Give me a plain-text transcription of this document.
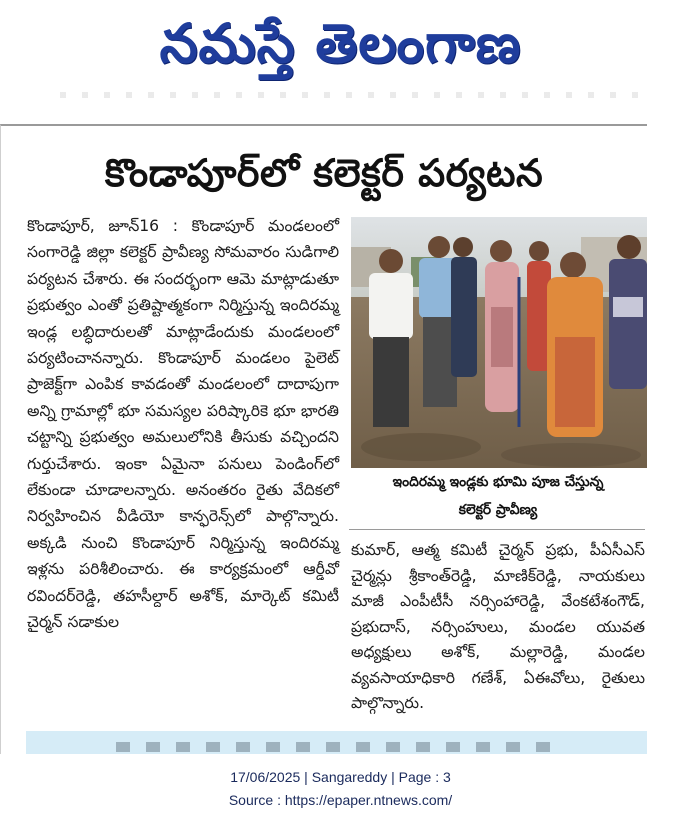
నమస్తే తెలంగాణ
కొండాపూర్‌లో కలెక్టర్ పర్యటన

కొండాపూర్, జూన్16 : కొండాపూర్ మండలంలో సంగారెడ్డి జిల్లా కలెక్టర్ ప్రావీణ్య సోమవారం సుడిగాలి పర్యటన చేశారు. ఈ సందర్భంగా ఆమె మాట్లాడుతూ ప్రభుత్వం ఎంతో ప్రతిష్టాత్మకంగా నిర్మిస్తున్న ఇందిరమ్మ ఇండ్ల లబ్ధిదారులతో మాట్లాడేందుకు మండలంలో పర్యటించానన్నారు. కొండాపూర్ మండలం పైలెట్ ప్రాజెక్ట్‌గా ఎంపిక కావడంతో మండలంలో దాదాపుగా అన్ని గ్రామాల్లో భూ సమస్యల పరిష్కారికె భూ భారతి చట్టాన్ని ప్రభుత్వం అమలులోనికి తీసుకు వచ్చిందని గుర్తుచేశారు. ఇంకా ఏమైనా పనులు పెండింగ్‌లో లేకుండా చూడాలన్నారు. అనంతరం రైతు వేదికలో నిర్వహించిన వీడియో కాన్ఫరెన్స్‌లో పాల్గొన్నారు. అక్కడి నుంచి కొండాపూర్ నిర్మిస్తున్న ఇందిరమ్మ ఇళ్లను పరిశీలించారు. ఈ కార్యక్రమంలో ఆర్డీవో రవిందర్‌రెడ్డి, తహసీల్దార్ అశోక్, మార్కెట్ కమిటీ చైర్మన్ సడాకుల

ఇందిరమ్మ ఇండ్లకు భూమి పూజ చేస్తున్న
కలెక్టర్ ప్రావీణ్య

కుమార్, ఆత్మ కమిటీ చైర్మన్ ప్రభు, పీఏసీఎస్ చైర్మన్లు శ్రీకాంత్‌రెడ్డి, మాణిక్‌రెడ్డి, నాయకులు మాజీ ఎంపీటీసీ నర్సింహారెడ్డి, వేంకటేశంగౌడ్, ప్రభుదాస్, నర్సింహులు, మండల యువత అధ్యక్షులు అశోక్, మల్లారెడ్డి, మండల వ్యవసాయాధికారి గణేశ్, ఏఈవోలు, రైతులు పాల్గొన్నారు.

17/06/2025 | Sangareddy | Page : 3
Source : https://epaper.ntnews.com/
